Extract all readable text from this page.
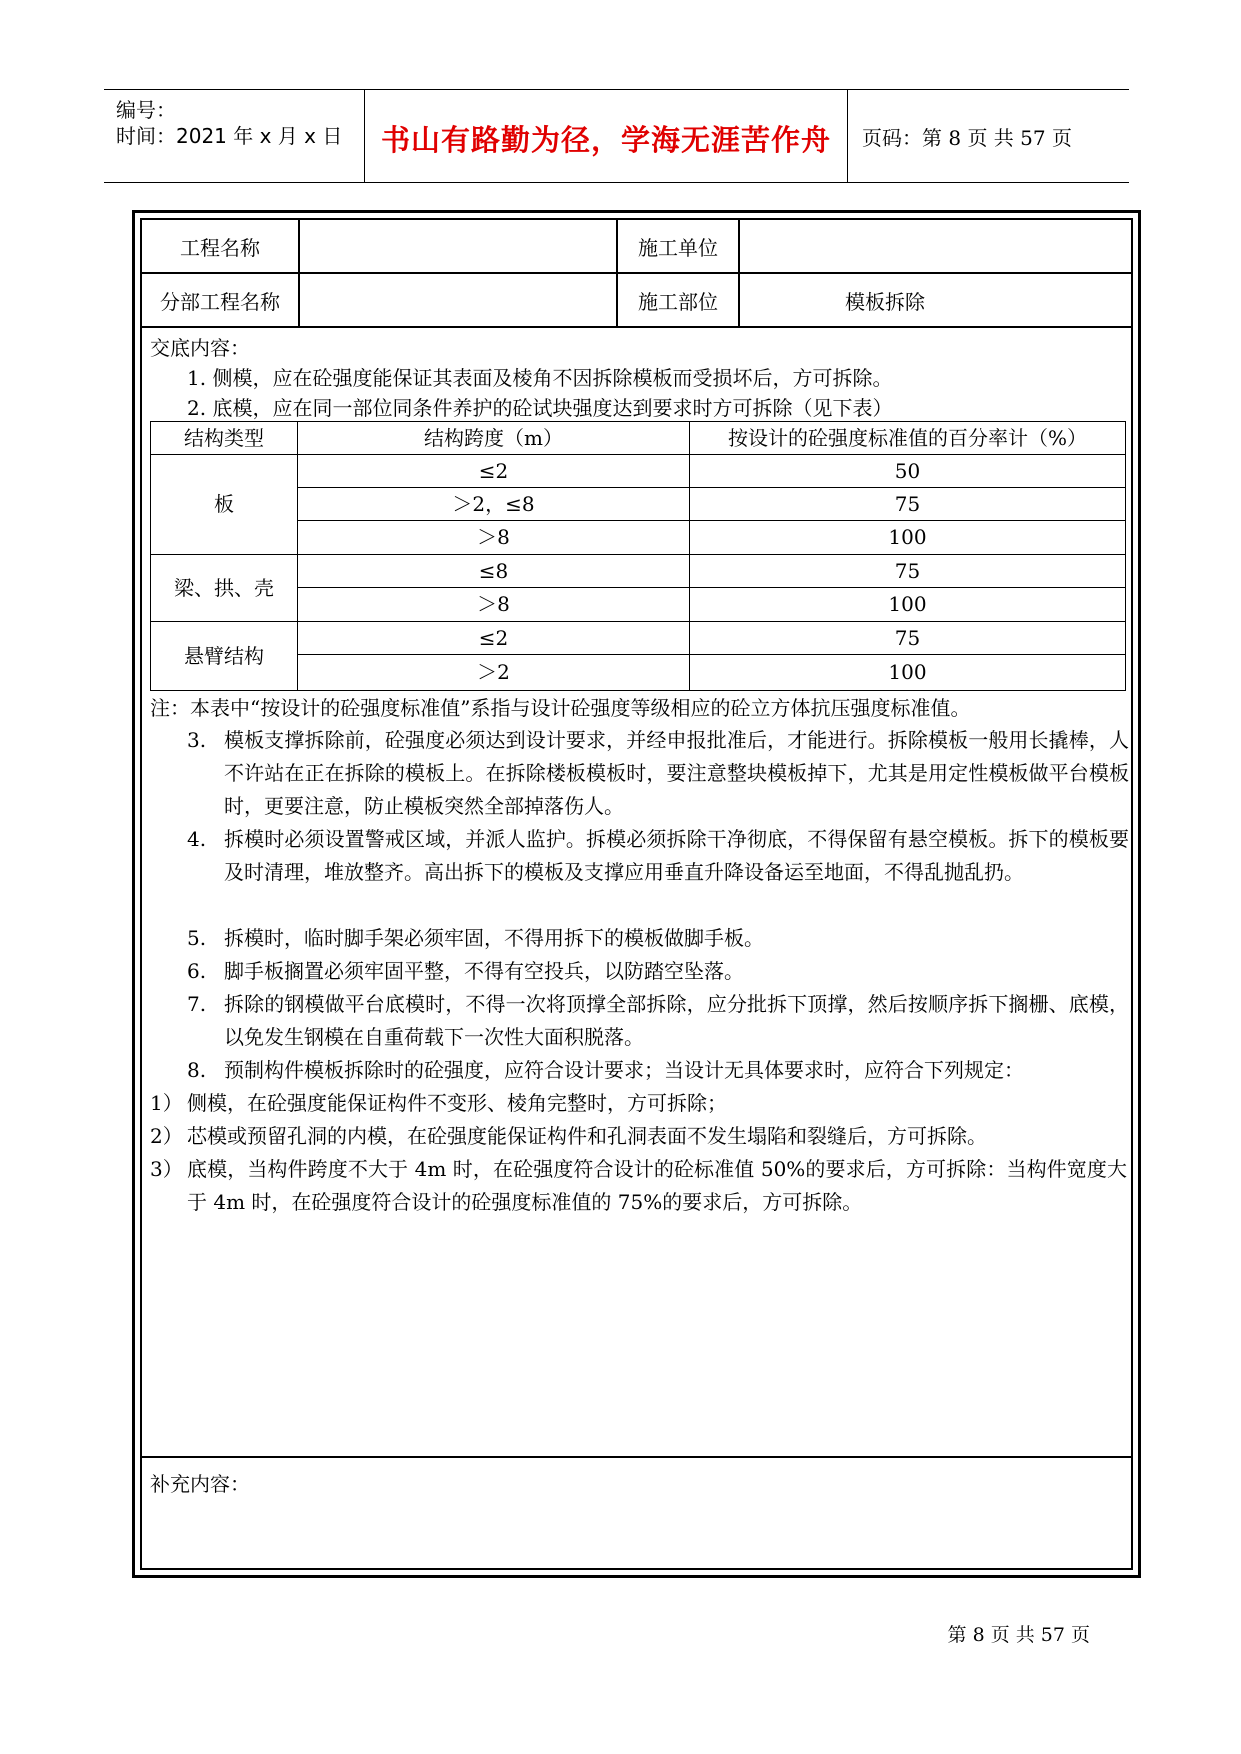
编号：
时间：2021 年 x 月 x 日	书山有路勤为径，学海无涯苦作舟	页码：第 8 页 共 57 页
工程名称	施工单位
分部工程名称	施工部位	模板拆除
交底内容：
1. 侧模，应在砼强度能保证其表面及棱角不因拆除模板而受损坏后，方可拆除。
2. 底模，应在同一部位同条件养护的砼试块强度达到要求时方可拆除（见下表）
结构类型	结构跨度（m）	按设计的砼强度标准值的百分率计（%）
板
≤2	50
＞2，≤8	75
＞8	100
梁、拱、壳
≤8	75
＞8	100
悬臂结构
≤2	75
＞2	100
注：本表中“按设计的砼强度标准值”系指与设计砼强度等级相应的砼立方体抗压强度标准值。
3. 模板支撑拆除前，砼强度必须达到设计要求，并经申报批准后，才能进行。拆除模板一般用长撬棒，人不许站在正在拆除的模板上。在拆除楼板模板时，要注意整块模板掉下，尤其是用定性模板做平台模板时，更要注意，防止模板突然全部掉落伤人。
4. 拆模时必须设置警戒区域，并派人监护。拆模必须拆除干净彻底，不得保留有悬空模板。拆下的模板要及时清理，堆放整齐。高出拆下的模板及支撑应用垂直升降设备运至地面，不得乱抛乱扔。
5. 拆模时，临时脚手架必须牢固，不得用拆下的模板做脚手板。
6. 脚手板搁置必须牢固平整，不得有空投兵，以防踏空坠落。
7. 拆除的钢模做平台底模时，不得一次将顶撑全部拆除，应分批拆下顶撑，然后按顺序拆下搁栅、底模，以免发生钢模在自重荷载下一次性大面积脱落。
8. 预制构件模板拆除时的砼强度，应符合设计要求；当设计无具体要求时，应符合下列规定：
1） 侧模，在砼强度能保证构件不变形、棱角完整时，方可拆除；
2） 芯模或预留孔洞的内模，在砼强度能保证构件和孔洞表面不发生塌陷和裂缝后，方可拆除。
3） 底模，当构件跨度不大于 4m 时，在砼强度符合设计的砼标准值 50%的要求后，方可拆除：当构件宽度大于 4m 时，在砼强度符合设计的砼强度标准值的 75%的要求后，方可拆除。
补充内容：
第 8 页 共 57 页
